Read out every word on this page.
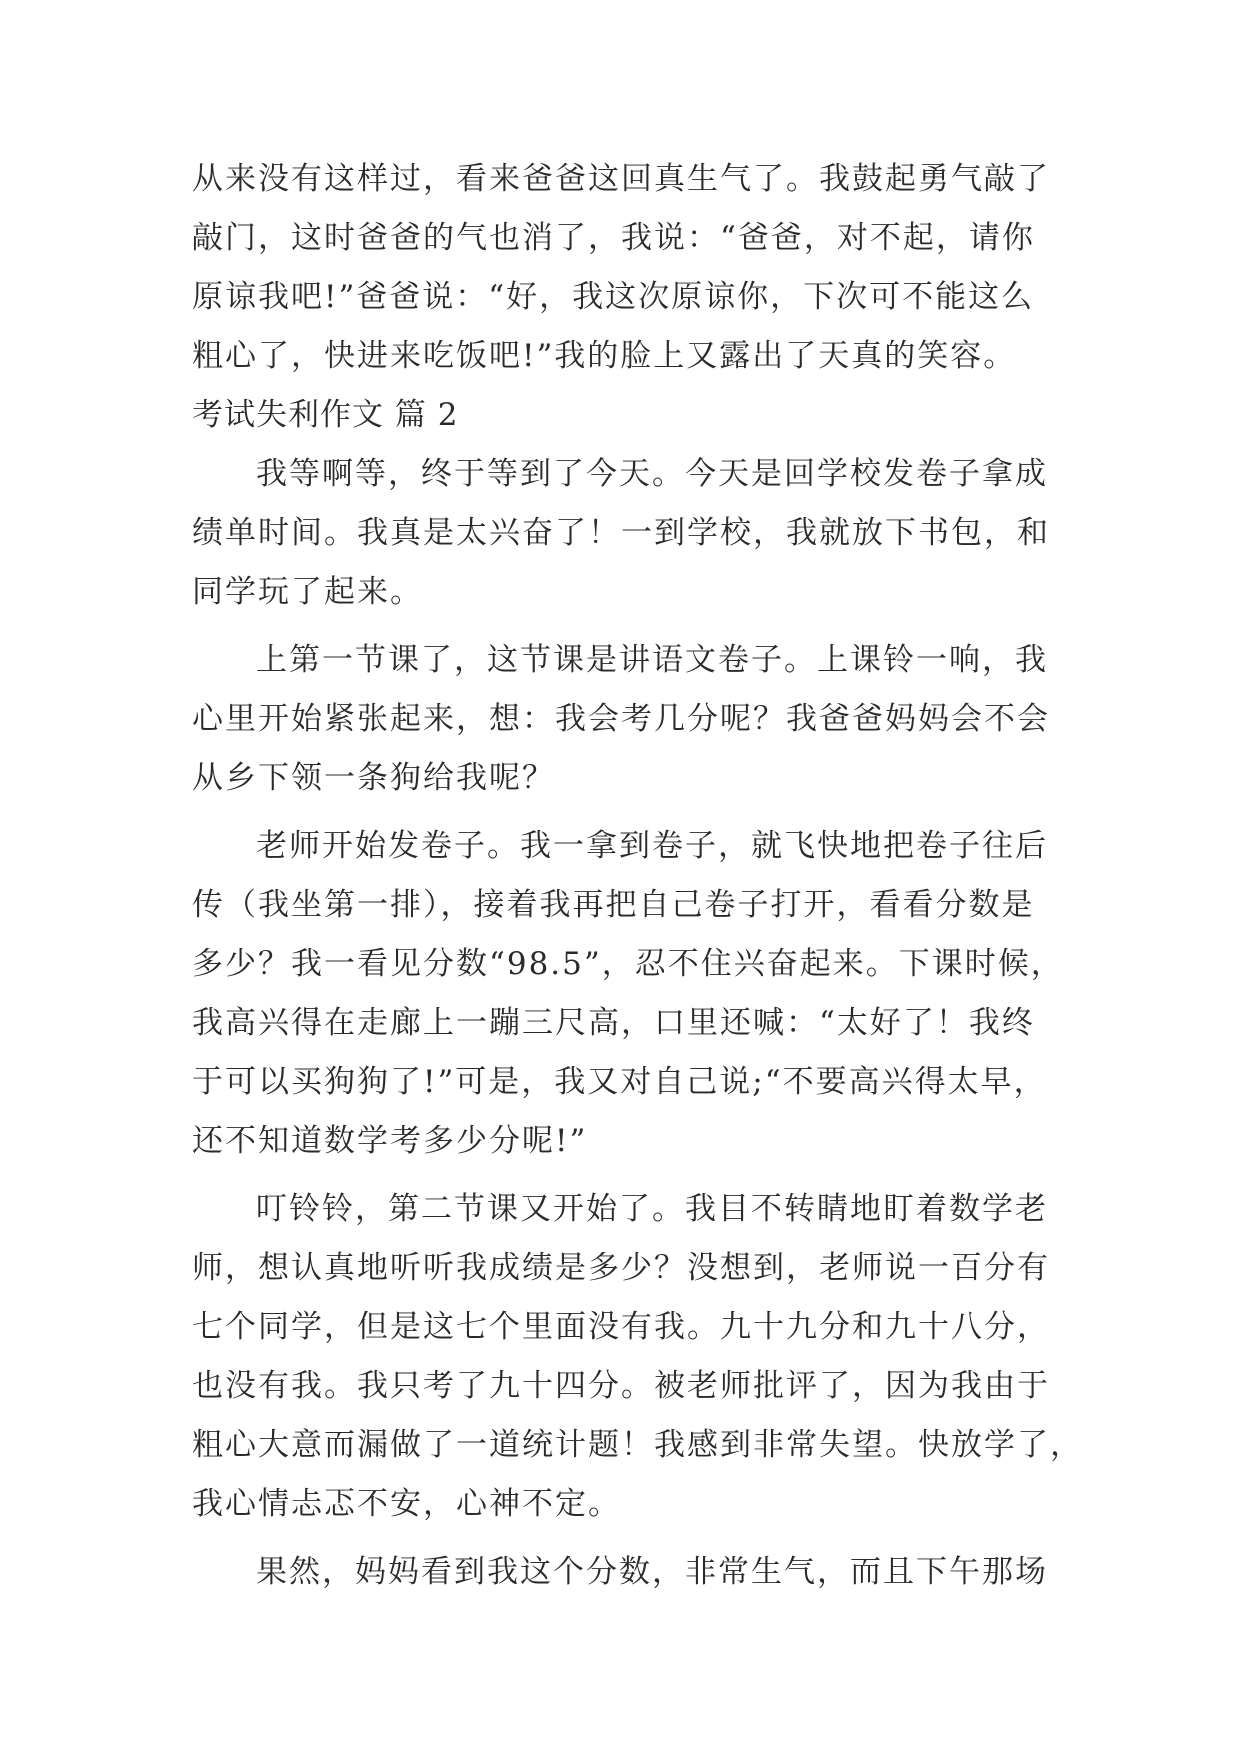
从来没有这样过，看来爸爸这回真生气了。我鼓起勇气敲了
敲门，这时爸爸的气也消了，我说：“爸爸，对不起，请你
原谅我吧!”爸爸说：“好，我这次原谅你，下次可不能这么
粗心了，快进来吃饭吧!”我的脸上又露出了天真的笑容。
考试失利作文 篇 2
我等啊等，终于等到了今天。今天是回学校发卷子拿成
绩单时间。我真是太兴奋了！一到学校，我就放下书包，和
同学玩了起来。
上第一节课了，这节课是讲语文卷子。上课铃一响，我
心里开始紧张起来，想：我会考几分呢？我爸爸妈妈会不会
从乡下领一条狗给我呢？
老师开始发卷子。我一拿到卷子，就飞快地把卷子往后
传（我坐第一排），接着我再把自己卷子打开，看看分数是
多少？我一看见分数“98.5”，忍不住兴奋起来。下课时候，
我高兴得在走廊上一蹦三尺高，口里还喊：“太好了！我终
于可以买狗狗了!”可是，我又对自己说;“不要高兴得太早，
还不知道数学考多少分呢!”
叮铃铃，第二节课又开始了。我目不转睛地盯着数学老
师，想认真地听听我成绩是多少？没想到，老师说一百分有
七个同学，但是这七个里面没有我。九十九分和九十八分，
也没有我。我只考了九十四分。被老师批评了，因为我由于
粗心大意而漏做了一道统计题！我感到非常失望。快放学了，
我心情忐忑不安，心神不定。
果然，妈妈看到我这个分数，非常生气，而且下午那场
